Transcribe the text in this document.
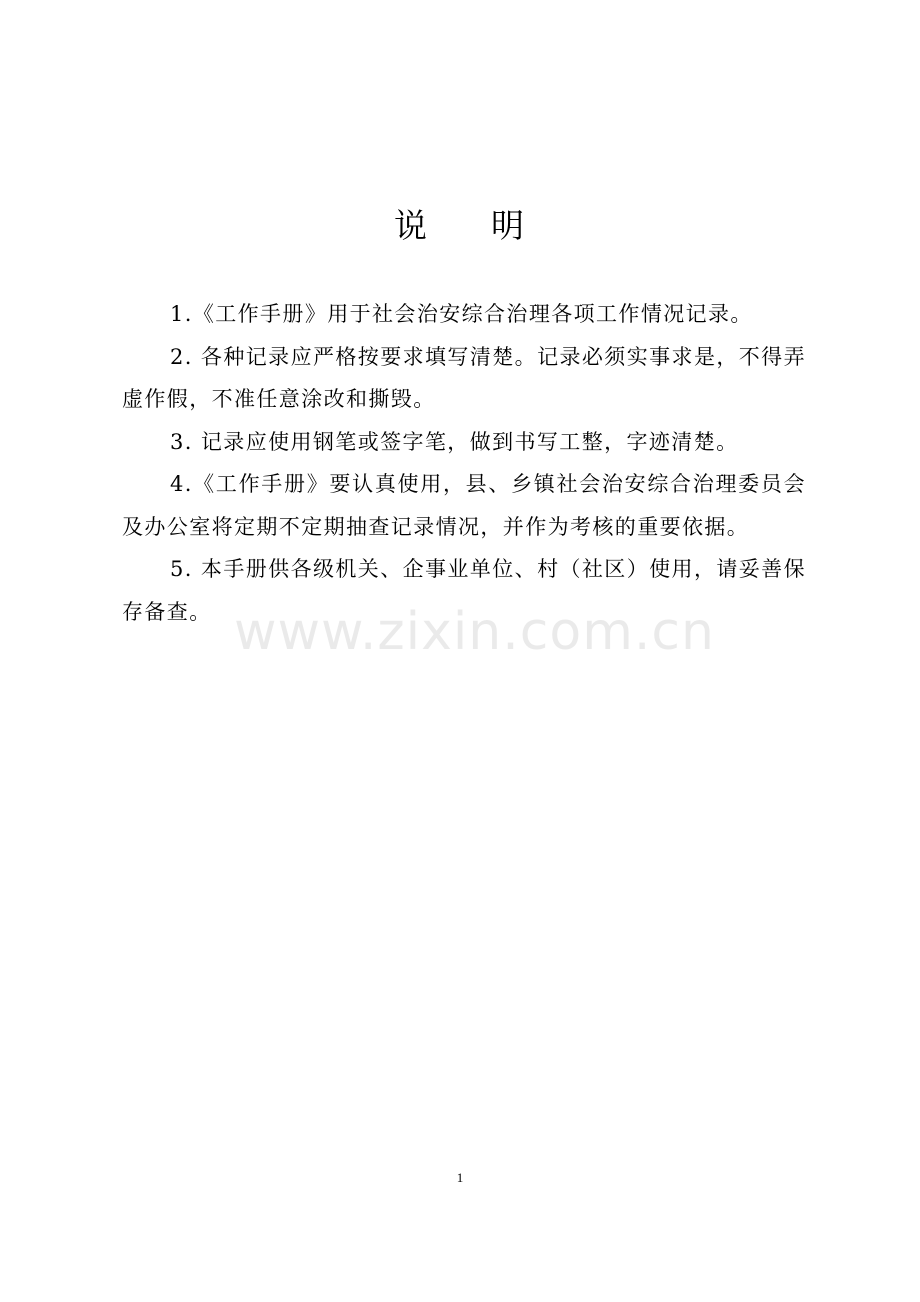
说 明

1.《工作手册》用于社会治安综合治理各项工作情况记录。

2. 各种记录应严格按要求填写清楚。记录必须实事求是，不得弄虚作假，不准任意涂改和撕毁。

3. 记录应使用钢笔或签字笔，做到书写工整，字迹清楚。

4.《工作手册》要认真使用，县、乡镇社会治安综合治理委员会及办公室将定期不定期抽查记录情况，并作为考核的重要依据。

5. 本手册供各级机关、企事业单位、村（社区）使用，请妥善保存备查。 www.zixin.com.cn
1
